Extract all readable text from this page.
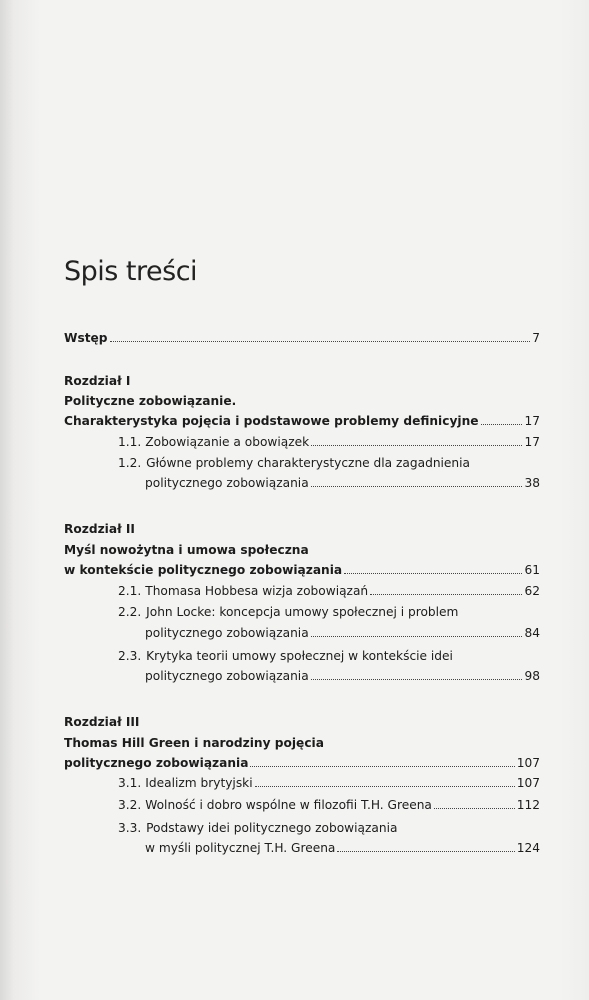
Spis treści
Wstęp	7
Rozdział I
Polityczne zobowiązanie.
Charakterystyka pojęcia i podstawowe problemy definicyjne	17
1.1. Zobowiązanie a obowiązek	17
1.2. Główne problemy charakterystyczne dla zagadnienia
politycznego zobowiązania	38
Rozdział II
Myśl nowożytna i umowa społeczna
w kontekście politycznego zobowiązania	61
2.1. Thomasa Hobbesa wizja zobowiązań	62
2.2. John Locke: koncepcja umowy społecznej i problem
politycznego zobowiązania	84
2.3. Krytyka teorii umowy społecznej w kontekście idei
politycznego zobowiązania	98
Rozdział III
Thomas Hill Green i narodziny pojęcia
politycznego zobowiązania	107
3.1. Idealizm brytyjski	107
3.2. Wolność i dobro wspólne w filozofii T.H. Greena	112
3.3. Podstawy idei politycznego zobowiązania
w myśli politycznej T.H. Greena	124
